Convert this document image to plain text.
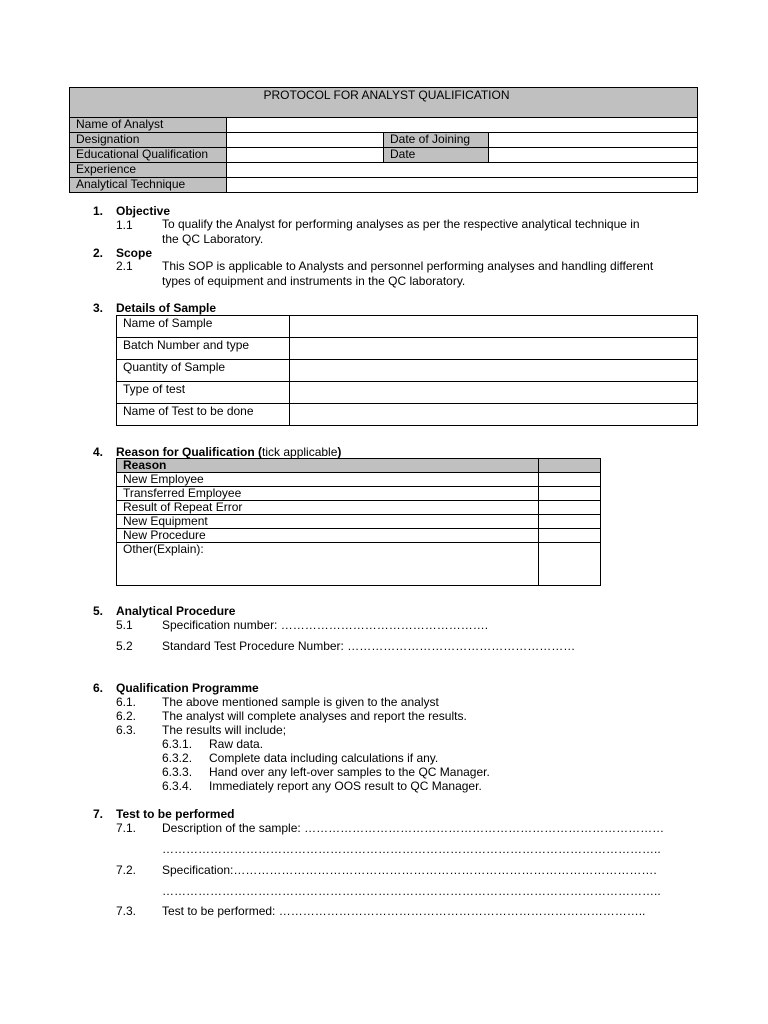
PROTOCOL FOR ANALYST QUALIFICATION			
Name of Analyst			
Designation		Date of Joining	
Educational Qualification		Date	
Experience			
Analytical Technique			
1. Objective
1.1 To qualify the Analyst for performing analyses as per the respective analytical technique in
the QC Laboratory.
2. Scope
2.1 This SOP is applicable to Analysts and personnel performing analyses and handling different
types of equipment and instruments in the QC laboratory.
3. Details of Sample
Name of Sample	
Batch Number and type	
Quantity of Sample	
Type of test	
Name of Test to be done	
4. Reason for Qualification (tick applicable)
Reason	
New Employee	
Transferred Employee	
Result of Repeat Error	
New Equipment	
New Procedure	
Other(Explain):	
5. Analytical Procedure
5.1 Specification number: …………………………………………….
5.2 Standard Test Procedure Number: …………………………………………………
6. Qualification Programme
6.1. The above mentioned sample is given to the analyst
6.2. The analyst will complete analyses and report the results.
6.3. The results will include;
6.3.1. Raw data.
6.3.2. Complete data including calculations if any.
6.3.3. Hand over any left-over samples to the QC Manager.
6.3.4. Immediately report any OOS result to QC Manager.
7. Test to be performed
7.1. Description of the sample: ………………………………………………………………………………
……………………………………………………………………………………………………………..
7.2. Specification:…………………………………………………………………………………………….
……………………………………………………………………………………………………………..
7.3. Test to be performed: ………………………………………………………………………………..
